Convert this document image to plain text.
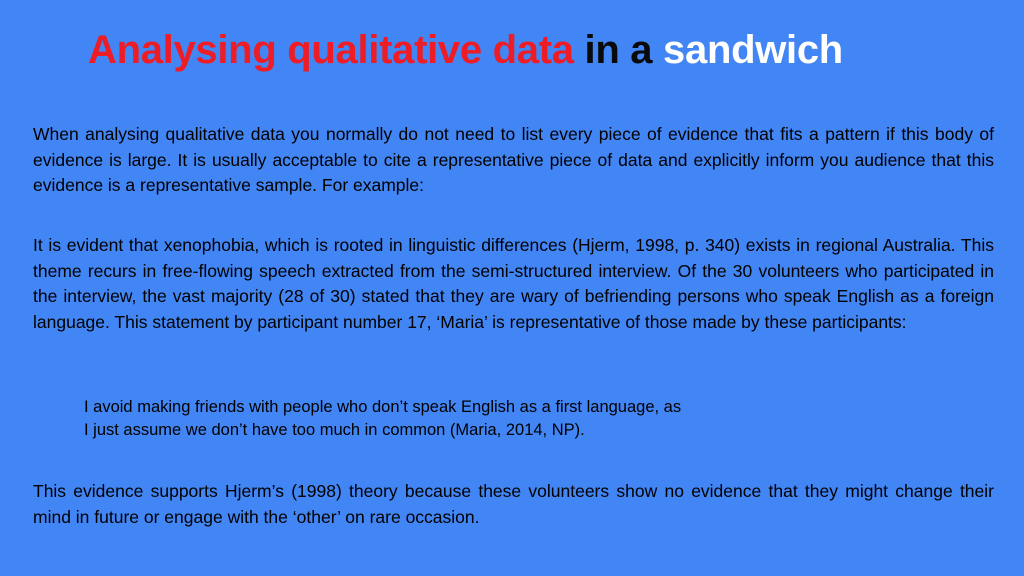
Analysing qualitative data in a sandwich

When analysing qualitative data you normally do not need to list every piece of evidence that fits a pattern if this body of evidence is large. It is usually acceptable to cite a representative piece of data and explicitly inform you audience that this evidence is a representative sample. For example:

It is evident that xenophobia, which is rooted in linguistic differences (Hjerm, 1998, p. 340) exists in regional Australia. This theme recurs in free-flowing speech extracted from the semi-structured interview. Of the 30 volunteers who participated in the interview, the vast majority (28 of 30) stated that they are wary of befriending persons who speak English as a foreign language. This statement by participant number 17, ‘Maria’ is representative of those made by these participants:

I avoid making friends with people who don’t speak English as a first language, as
I just assume we don’t have too much in common (Maria, 2014, NP).

This evidence supports Hjerm’s (1998) theory because these volunteers show no evidence that they might change their mind in future or engage with the ‘other’ on rare occasion.
